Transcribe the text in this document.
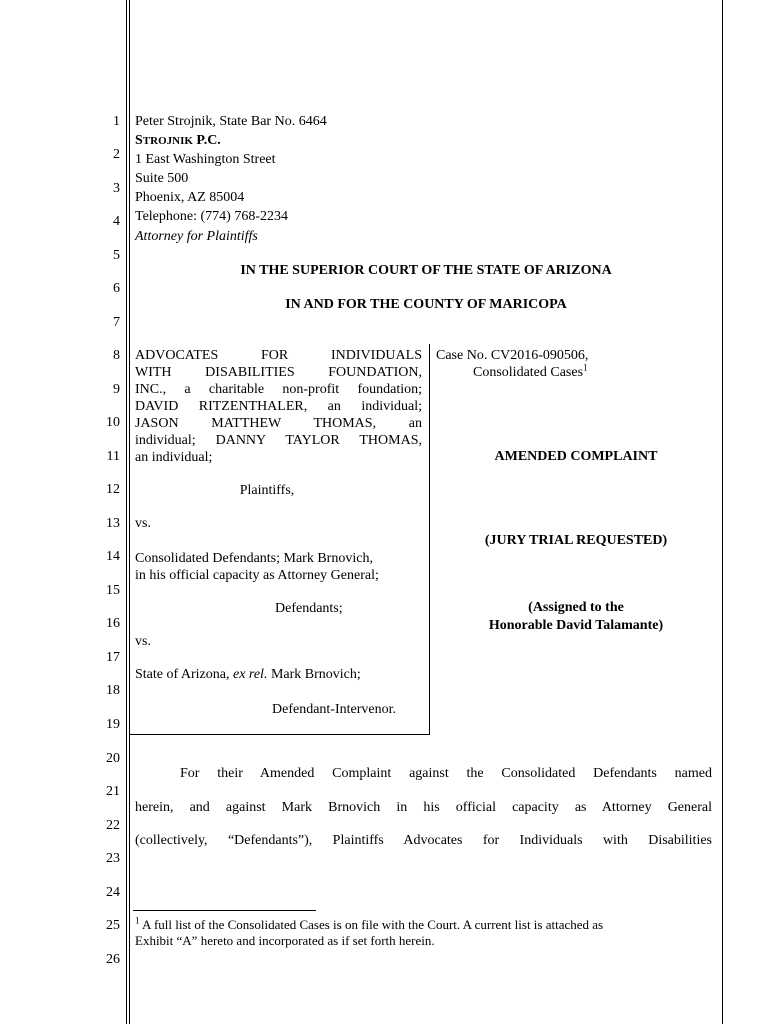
1
2
3
4
5
6
7
8
9
10
11
12
13
14
15
16
17
18
19
20
21
22
23
24
25
26
Peter Strojnik, State Bar No. 6464
STROJNIK P.C.
1 East Washington Street
Suite 500
Phoenix, AZ 85004
Telephone: (774) 768-2234
Attorney for Plaintiffs
IN THE SUPERIOR COURT OF THE STATE OF ARIZONA
IN AND FOR THE COUNTY OF MARICOPA
ADVOCATES FOR INDIVIDUALS
WITH DISABILITIES FOUNDATION,
INC., a charitable non-profit foundation;
DAVID RITZENTHALER, an individual;
JASON MATTHEW THOMAS, an
individual; DANNY TAYLOR THOMAS,
an individual;
Plaintiffs,
vs.
Consolidated Defendants; Mark Brnovich,
in his official capacity as Attorney General;
Defendants;
vs.
State of Arizona, ex rel. Mark Brnovich;
Defendant-Intervenor.
Case No. CV2016-090506,
Consolidated Cases$^1$
AMENDED COMPLAINT
(JURY TRIAL REQUESTED)
(Assigned to the
Honorable David Talamante)
For their Amended Complaint against the Consolidated Defendants named
herein, and against Mark Brnovich in his official capacity as Attorney General
(collectively, “Defendants”), Plaintiffs Advocates for Individuals with Disabilities
$^1$ A full list of the Consolidated Cases is on file with the Court. A current list is attached as
Exhibit “A” hereto and incorporated as if set forth herein.
